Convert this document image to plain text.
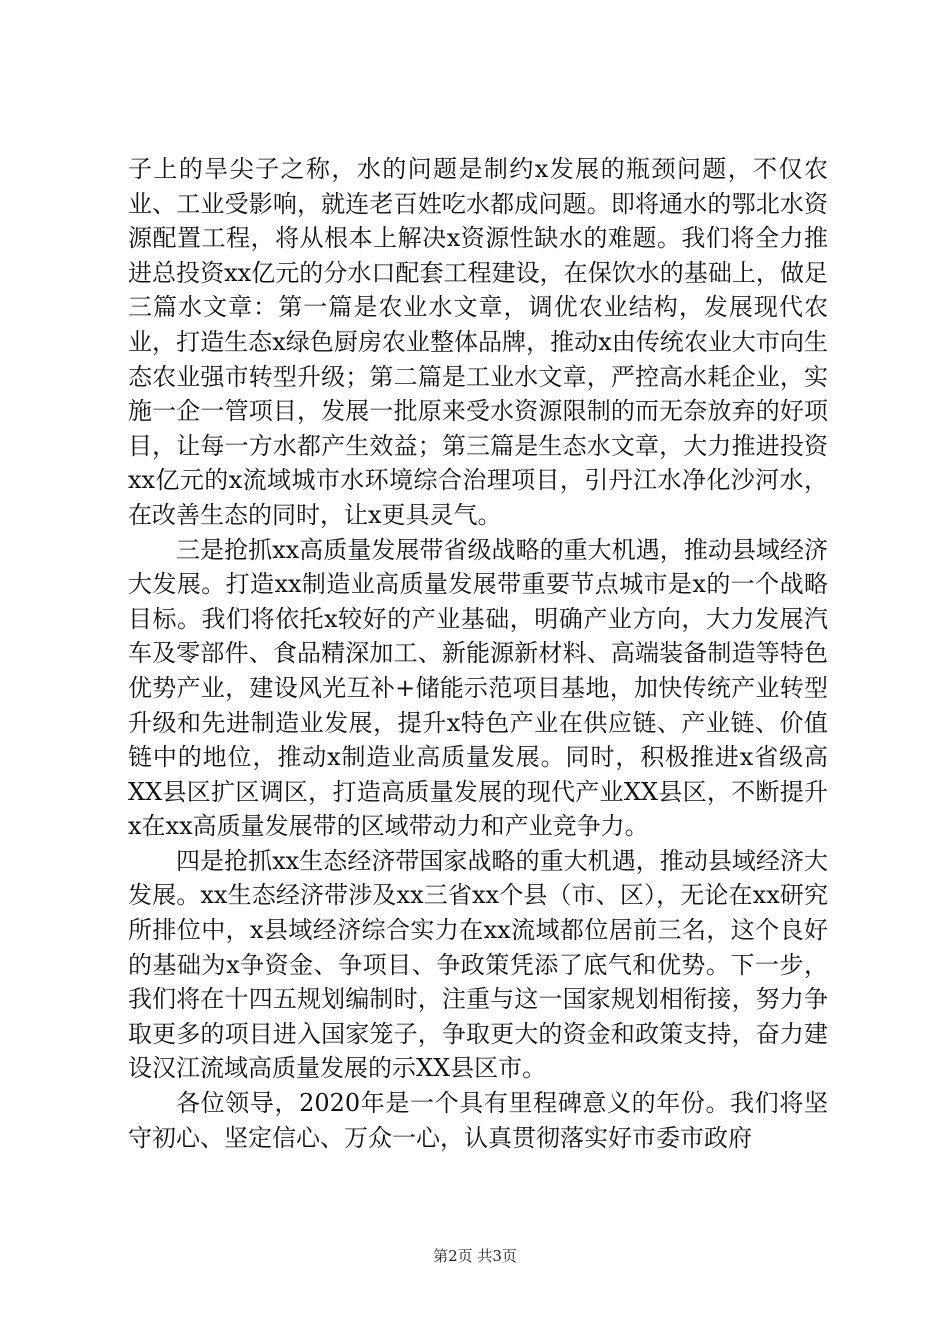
子上的旱尖子之称，水的问题是制约x发展的瓶颈问题，不仅农业、工业受影响，就连老百姓吃水都成问题。即将通水的鄂北水资源配置工程，将从根本上解决x资源性缺水的难题。我们将全力推进总投资xx亿元的分水口配套工程建设，在保饮水的基础上，做足三篇水文章：第一篇是农业水文章，调优农业结构，发展现代农业，打造生态x绿色厨房农业整体品牌，推动x由传统农业大市向生态农业强市转型升级；第二篇是工业水文章，严控高水耗企业，实施一企一管项目，发展一批原来受水资源限制的而无奈放弃的好项目，让每一方水都产生效益；第三篇是生态水文章，大力推进投资xx亿元的x流域城市水环境综合治理项目，引丹江水净化沙河水，在改善生态的同时，让x更具灵气。

三是抢抓xx高质量发展带省级战略的重大机遇，推动县域经济大发展。打造xx制造业高质量发展带重要节点城市是x的一个战略目标。我们将依托x较好的产业基础，明确产业方向，大力发展汽车及零部件、食品精深加工、新能源新材料、高端装备制造等特色优势产业，建设风光互补+储能示范项目基地，加快传统产业转型升级和先进制造业发展，提升x特色产业在供应链、产业链、价值链中的地位，推动x制造业高质量发展。同时，积极推进x省级高XX县区扩区调区，打造高质量发展的现代产业XX县区，不断提升x在xx高质量发展带的区域带动力和产业竞争力。

四是抢抓xx生态经济带国家战略的重大机遇，推动县域经济大发展。xx生态经济带涉及xx三省xx个县（市、区），无论在xx研究所排位中，x县域经济综合实力在xx流域都位居前三名，这个良好的基础为x争资金、争项目、争政策凭添了底气和优势。下一步，我们将在十四五规划编制时，注重与这一国家规划相衔接，努力争取更多的项目进入国家笼子，争取更大的资金和政策支持，奋力建设汉江流域高质量发展的示XX县区市。

各位领导，2020年是一个具有里程碑意义的年份。我们将坚守初心、坚定信心、万众一心，认真贯彻落实好市委市政府

第2页 共3页
